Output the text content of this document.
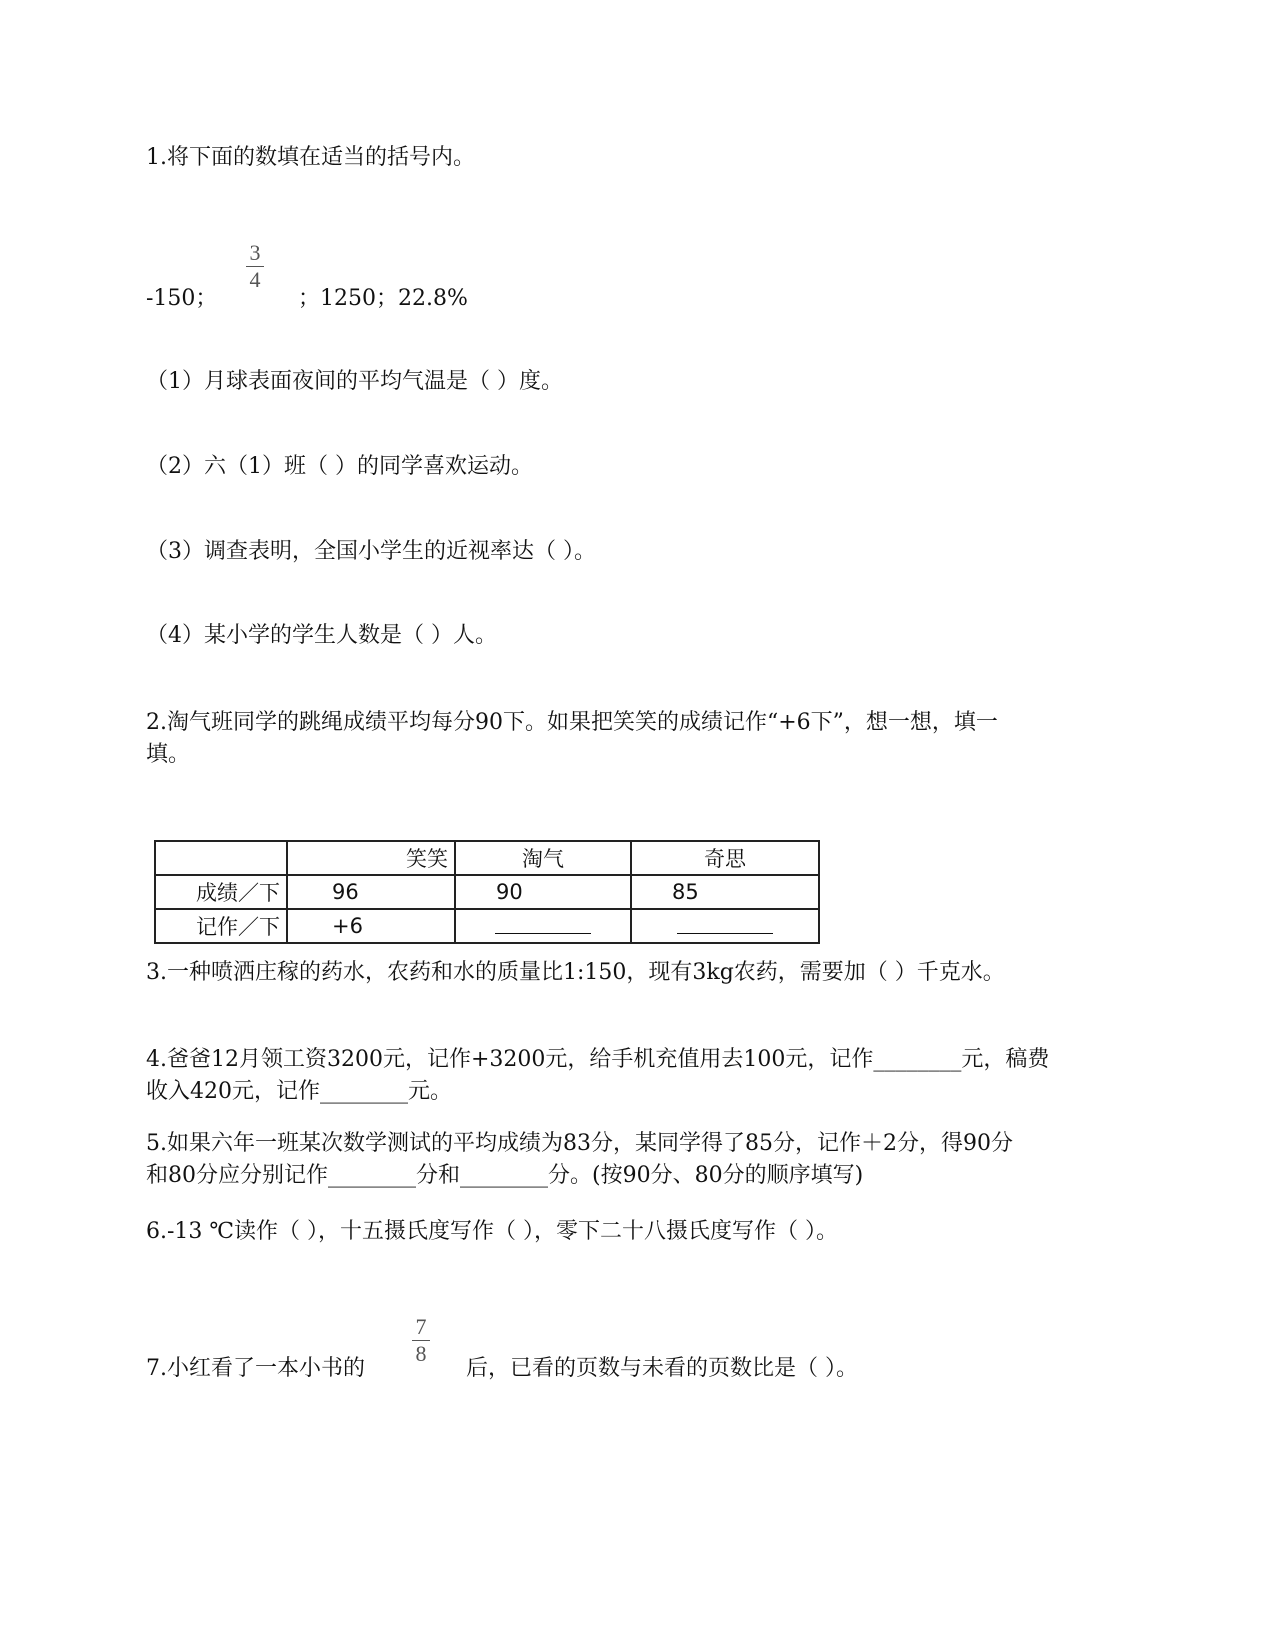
1.将下面的数填在适当的括号内。
3
4
-150；	；1250；22.8%
（1）月球表面夜间的平均气温是（ ）度。
（2）六（1）班（ ）的同学喜欢运动。
（3）调查表明，全国小学生的近视率达（ ）。
（4）某小学的学生人数是（ ）人。
2.淘气班同学的跳绳成绩平均每分90下。如果把笑笑的成绩记作“+6下”，想一想，填一
填。
	笑笑	淘气	奇思
成绩／下	96	90	85
记作／下	+6		
3.一种喷洒庄稼的药水，农药和水的质量比1:150，现有3kg农药，需要加（ ）千克水。
4.爸爸12月领工资3200元，记作+3200元，给手机充值用去100元，记作________元，稿费
收入420元，记作________元。
5.如果六年一班某次数学测试的平均成绩为83分，某同学得了85分，记作＋2分，得90分
和80分应分别记作________分和________分。(按90分、80分的顺序填写)
6.-13 ℃读作（ ），十五摄氏度写作（ ），零下二十八摄氏度写作（ ）。
7.小红看了一本小书的
7
8
后，已看的页数与未看的页数比是（ ）。
